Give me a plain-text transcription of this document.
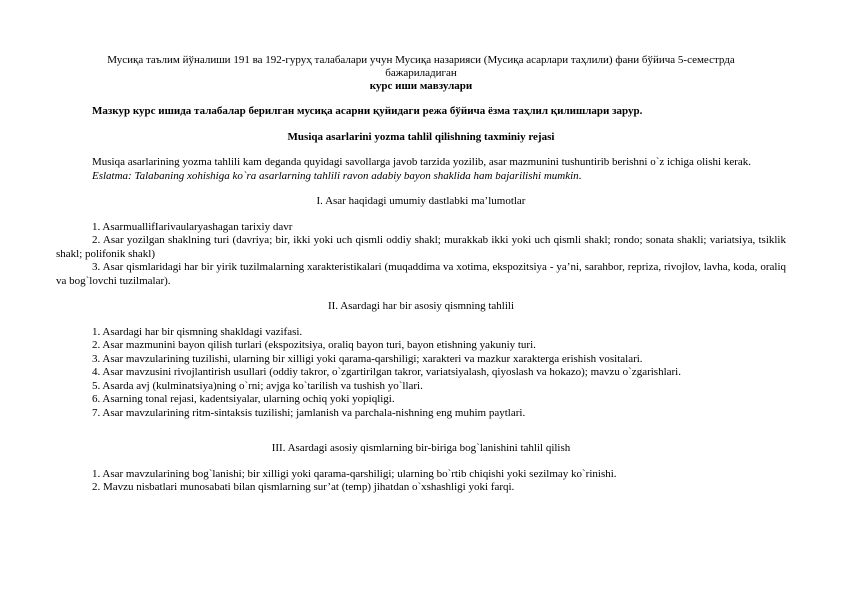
Мусиқа таълим йўналиши 191 ва 192-гуруҳ талабалари учун Мусиқа назарияси (Мусиқа асарлари таҳлили) фани бўйича 5-семестрда

бажариладиган

курс иши мавзулари

Мазкур курс ишида талабалар берилган мусиқа асарни қуйидаги режа бўйича ёзма таҳлил қилишлари зарур.

Musiqa asarlarini yozma tahlil qilishning taxminiy rejasi

Musiqa asarlarining yozma tahlili kam deganda quyidagi savollarga javob tarzida yozilib, asar mazmunini tushuntirib berishni o`z ichiga olishi kerak.

Eslatma: Talabaning xohishiga ko`ra asarlarning tahlili ravon adabiy bayon shaklida ham bajarilishi mumkin.

I. Asar haqidagi umumiy dastlabki ma’lumotlar

1. AsarmuallifIarivaularyashagan tarixiy davr

2. Asar yozilgan shaklning turi (davriya; bir, ikki yoki uch qismli oddiy shakl; murakkab ikki yoki uch qismli shakl; rondo; sonata shakli; variatsiya, tsiklik shakl; polifonik shakl)

3. Asar qismlaridagi har bir yirik tuzilmalarning xarakteristikalari (muqaddima va xotima, ekspozitsiya - ya’ni, sarahbor, repriza, rivojlov, lavha, koda, oraliq va bog`lovchi tuzilmalar).

II. Asardagi har bir asosiy qismning tahlili

1. Asardagi har bir qismning shakldagi vazifasi.

2. Asar mazmunini bayon qilish turlari (ekspozitsiya, oraliq bayon turi, bayon etishning yakuniy turi.

3. Asar mavzularining tuzilishi, ularning bir xilligi yoki qarama-qarshiligi; xarakteri va mazkur xarakterga erishish vositalari.

4. Asar mavzusini rivojlantirish usullari (oddiy takror, o`zgartirilgan takror, variatsiyalash, qiyoslash va hokazo); mavzu o`zgarishlari.

5. Asarda avj (kulminatsiya)ning o`rni; avjga ko`tarilish va tushish yo`llari.

6. Asarning tonal rejasi, kadentsiyalar, ularning ochiq yoki yopiqligi.

7. Asar mavzularining ritm-sintaksis tuzilishi; jamlanish va parchala-nishning eng muhim paytlari.

III. Asardagi asosiy qismlarning bir-biriga bog`lanishini tahlil qilish

1. Asar mavzularining bog`lanishi; bir xilligi yoki qarama-qarshiligi; ularning bo`rtib chiqishi yoki sezilmay ko`rinishi.

2. Mavzu nisbatlari munosabati bilan qismlarning sur’at (temp) jihatdan o`xshashligi yoki farqi.
